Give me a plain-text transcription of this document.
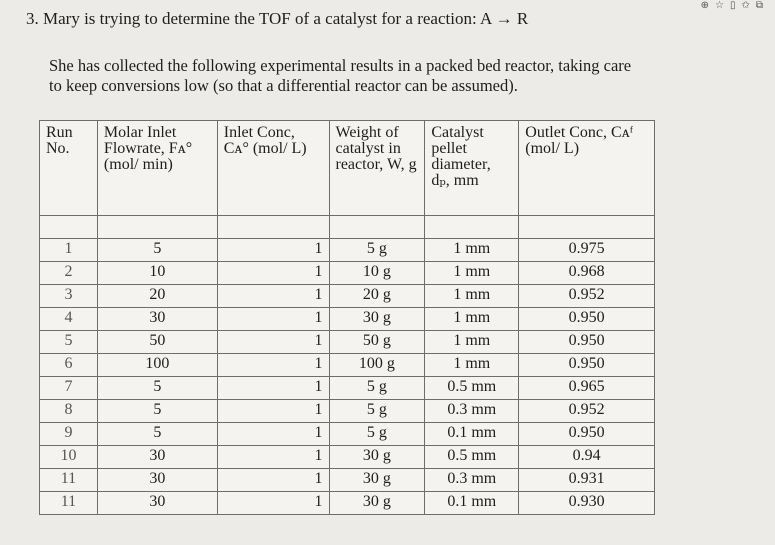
⊕☆▯✩⧉
3. Mary is trying to determine the TOF of a catalyst for a reaction: A → R
She has collected the following experimental results in a packed bed reactor, taking care
to keep conversions low (so that a differential reactor can be assumed).
Run No.	Molar Inlet Flowrate, Fᴀ° (mol/ min)	Inlet Conc, Cᴀ° (mol/ L)	Weight of catalyst in reactor, W, g	Catalyst pellet diameter, dₚ, mm	Outlet Conc, Cᴀᶠ (mol/ L)

1	5	1	5 g	1 mm	0.975
2	10	1	10 g	1 mm	0.968
3	20	1	20 g	1 mm	0.952
4	30	1	30 g	1 mm	0.950
5	50	1	50 g	1 mm	0.950
6	100	1	100 g	1 mm	0.950
7	5	1	5 g	0.5 mm	0.965
8	5	1	5 g	0.3 mm	0.952
9	5	1	5 g	0.1 mm	0.950
10	30	1	30 g	0.5 mm	0.94
11	30	1	30 g	0.3 mm	0.931
11	30	1	30 g	0.1 mm	0.930
